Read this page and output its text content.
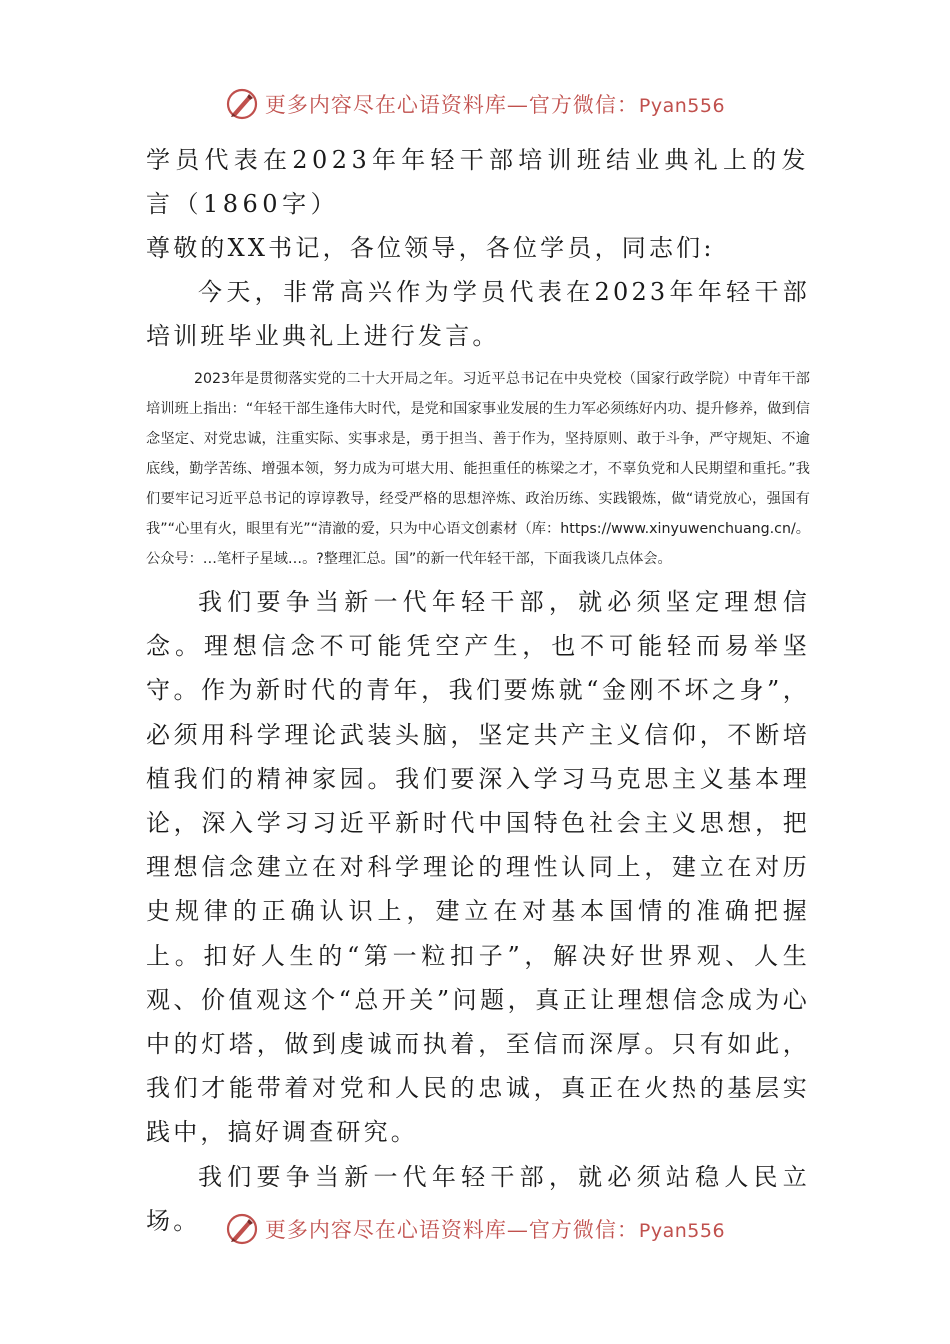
更多内容尽在心语资料库—官方微信：Pyan556

学员代表在2023年年轻干部培训班结业典礼上的发言（1860字）

尊敬的XX书记，各位领导，各位学员，同志们:

今天，非常高兴作为学员代表在2023年年轻干部培训班毕业典礼上进行发言。

2023年是贯彻落实党的二十大开局之年。习近平总书记在中央党校（国家行政学院）中青年干部培训班上指出：“年轻干部生逢伟大时代，是党和国家事业发展的生力军必须练好内功、提升修养，做到信念坚定、对党忠诚，注重实际、实事求是，勇于担当、善于作为，坚持原则、敢于斗争，严守规矩、不逾底线，勤学苦练、增强本领，努力成为可堪大用、能担重任的栋梁之才，不辜负党和人民期望和重托。”我们要牢记习近平总书记的谆谆教导，经受严格的思想淬炼、政治历练、实践锻炼，做“请党放心，强国有我”“心里有火，眼里有光”“清澈的爱，只为中心语文创素材（库：https://www.xinyuwenchuang.cn/。公众号：…笔杆子星域…。?整理汇总。国”的新一代年轻干部，下面我谈几点体会。

我们要争当新一代年轻干部，就必须坚定理想信念。理想信念不可能凭空产生，也不可能轻而易举坚守。作为新时代的青年，我们要炼就“金刚不坏之身”，必须用科学理论武装头脑，坚定共产主义信仰，不断培植我们的精神家园。我们要深入学习马克思主义基本理论，深入学习习近平新时代中国特色社会主义思想，把理想信念建立在对科学理论的理性认同上，建立在对历史规律的正确认识上，建立在对基本国情的准确把握上。扣好人生的“第一粒扣子”，解决好世界观、人生观、价值观这个“总开关”问题，真正让理想信念成为心中的灯塔，做到虔诚而执着，至信而深厚。只有如此，我们才能带着对党和人民的忠诚，真正在火热的基层实践中，搞好调查研究。

我们要争当新一代年轻干部，就必须站稳人民立场。	更多内容尽在心语资料库—官方微信：Pyan556
